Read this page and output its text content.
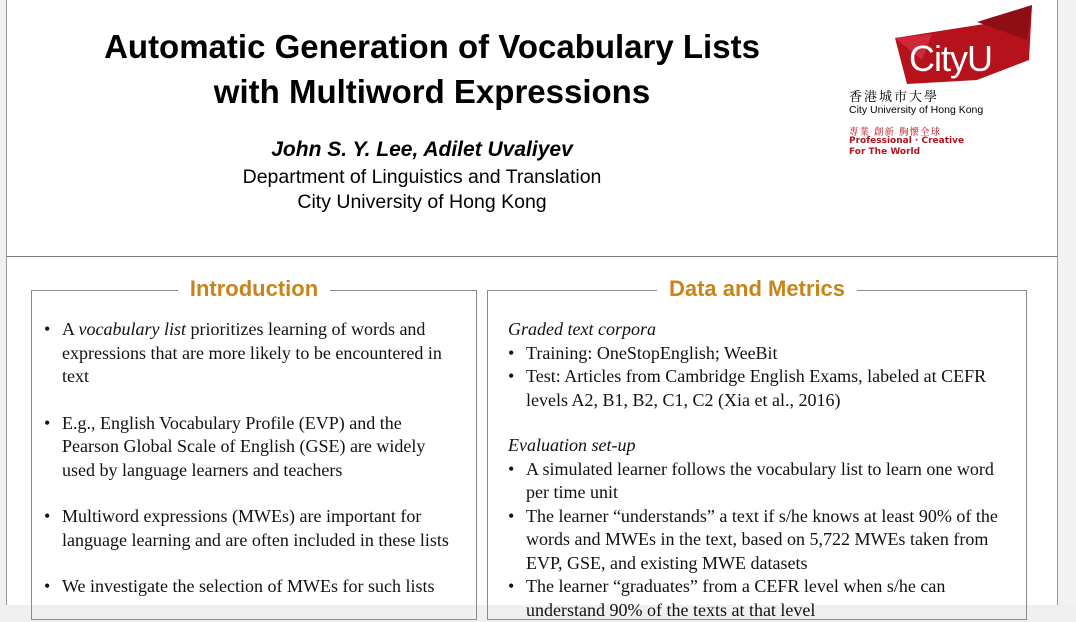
Automatic Generation of Vocabulary Lists
with Multiword Expressions
John S. Y. Lee, Adilet Uvaliyev
Department of Linguistics and Translation
City University of Hong Kong
CityU
香港城市大學
City University of Hong Kong
專業 創新 胸懷全球
Professional · Creative
For The World
Introduction
• A vocabulary list prioritizes learning of words and expressions that are more likely to be encountered in text
• E.g., English Vocabulary Profile (EVP) and the Pearson Global Scale of English (GSE) are widely used by language learners and teachers
• Multiword expressions (MWEs) are important for language learning and are often included in these lists
• We investigate the selection of MWEs for such lists
Data and Metrics
Graded text corpora
• Training: OneStopEnglish; WeeBit
• Test: Articles from Cambridge English Exams, labeled at CEFR levels A2, B1, B2, C1, C2 (Xia et al., 2016)
Evaluation set-up
• A simulated learner follows the vocabulary list to learn one word per time unit
• The learner “understands” a text if s/he knows at least 90% of the words and MWEs in the text, based on 5,722 MWEs taken from EVP, GSE, and existing MWE datasets
• The learner “graduates” from a CEFR level when s/he can understand 90% of the texts at that level
